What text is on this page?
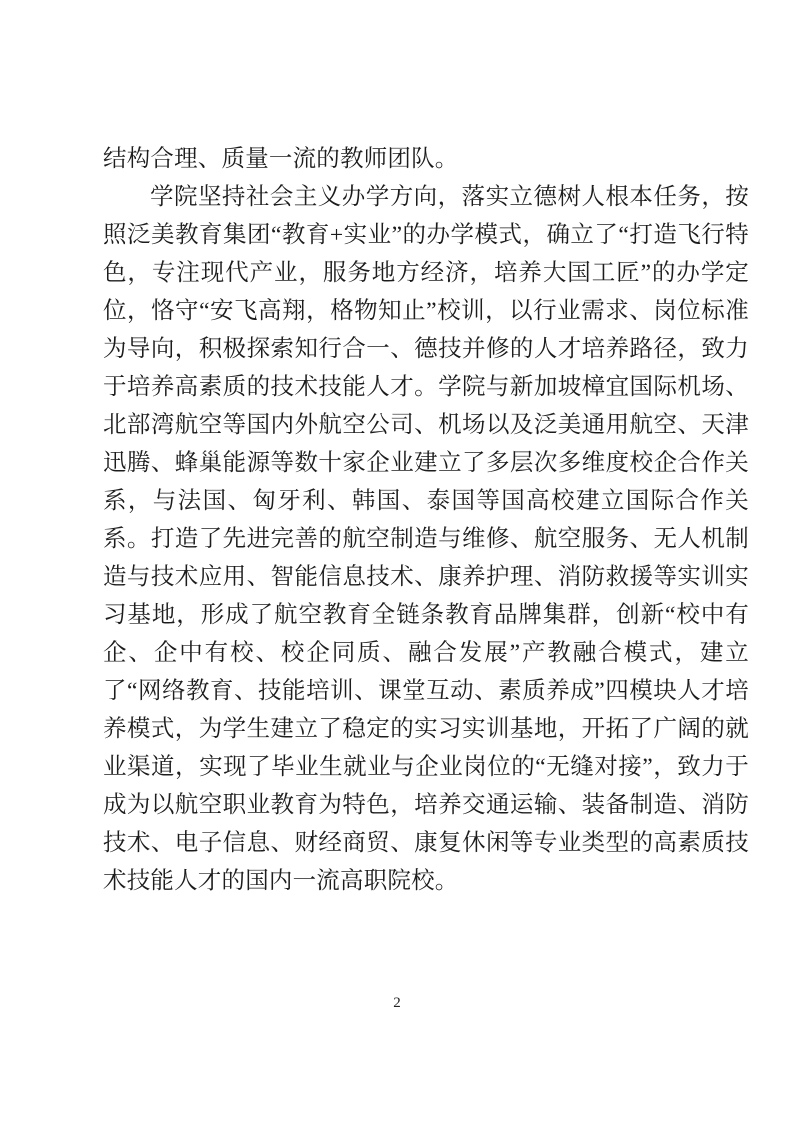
结构合理、质量一流的教师团队。

学院坚持社会主义办学方向，落实立德树人根本任务，按照泛美教育集团“教育+实业”的办学模式，确立了“打造飞行特色，专注现代产业，服务地方经济，培养大国工匠”的办学定位，恪守“安飞高翔，格物知止”校训，以行业需求、岗位标准为导向，积极探索知行合一、德技并修的人才培养路径，致力于培养高素质的技术技能人才。学院与新加坡樟宜国际机场、北部湾航空等国内外航空公司、机场以及泛美通用航空、天津迅腾、蜂巢能源等数十家企业建立了多层次多维度校企合作关系，与法国、匈牙利、韩国、泰国等国高校建立国际合作关系。打造了先进完善的航空制造与维修、航空服务、无人机制造与技术应用、智能信息技术、康养护理、消防救援等实训实习基地，形成了航空教育全链条教育品牌集群，创新“校中有企、企中有校、校企同质、融合发展”产教融合模式，建立了“网络教育、技能培训、课堂互动、素质养成”四模块人才培养模式，为学生建立了稳定的实习实训基地，开拓了广阔的就业渠道，实现了毕业生就业与企业岗位的“无缝对接”，致力于成为以航空职业教育为特色，培养交通运输、装备制造、消防技术、电子信息、财经商贸、康复休闲等专业类型的高素质技术技能人才的国内一流高职院校。

2
